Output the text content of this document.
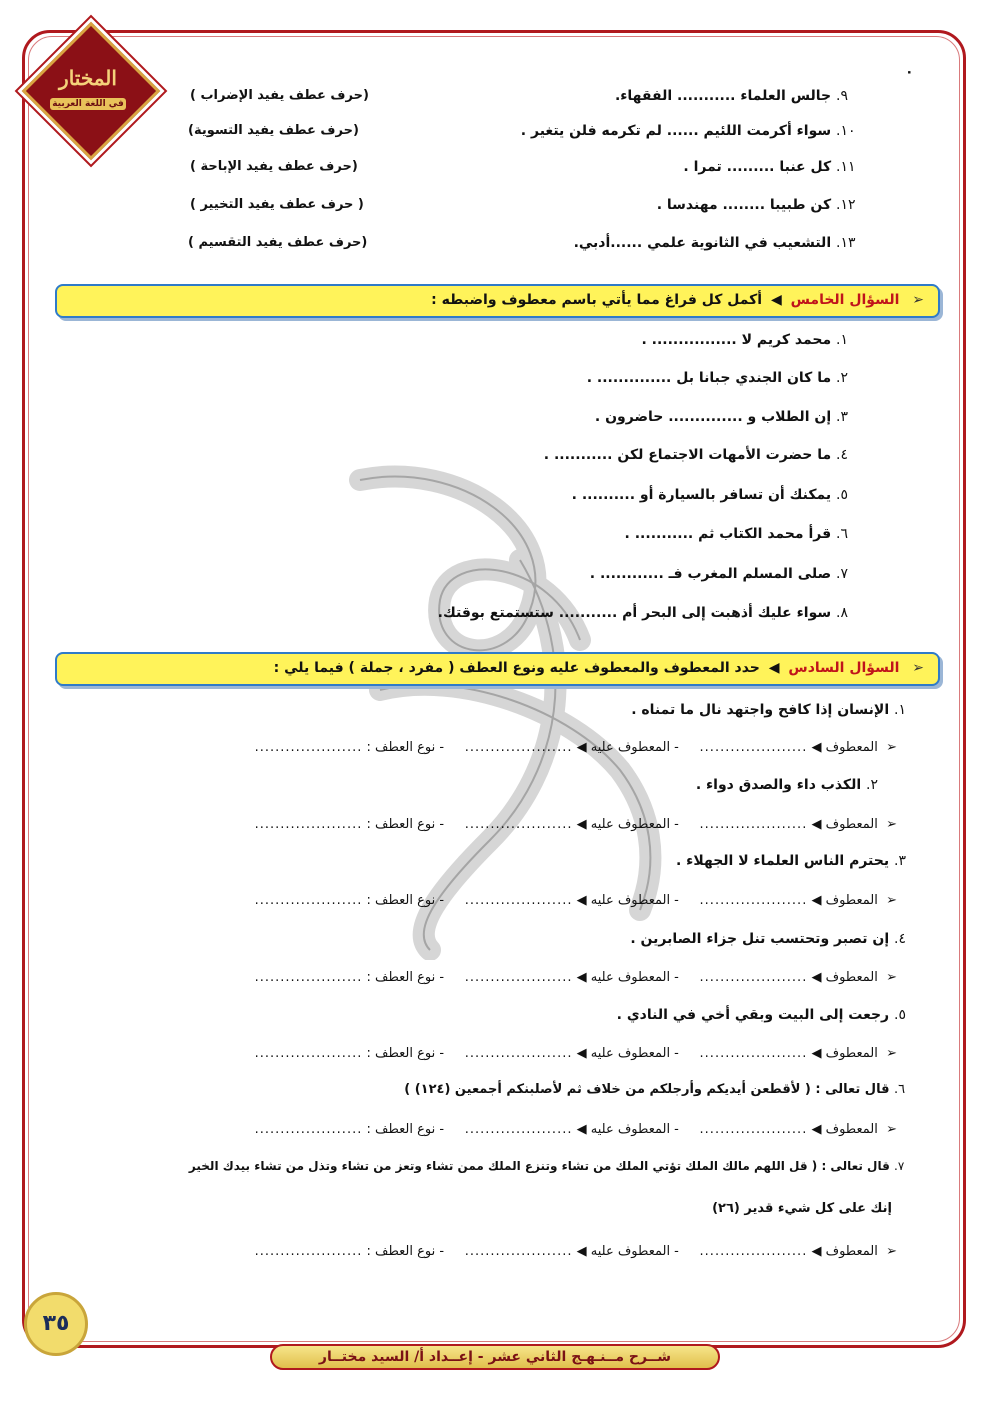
المختار
في اللغة العربية
٠
٩. جالس العلماء ........... الفقهاء.
(حرف عطف يفيد الإضراب )
١٠. سواء أكرمت اللئيم ...... لم تكرمه فلن يتغير .
(حرف عطف يفيد التسوية)
١١. كل عنبا ......... تمرا .
(حرف عطف يفيد الإباحة )
١٢. كن طبيبا ........ مهندسا .
( حرف عطف يفيد التخيير )
١٣. التشعيب في الثانوية علمي ......أدبي.
(حرف عطف يفيد التقسيم )
➢ السؤال الخامس ◀ أكمل كل فراغ مما يأتي باسم معطوف واضبطه :
١. محمد كريم لا ................ .
٢. ما كان الجندي جبانا بل .............. .
٣. إن الطلاب و .............. حاضرون .
٤. ما حضرت الأمهات الاجتماع لكن ........... .
٥. يمكنك أن تسافر بالسيارة أو .......... .
٦. قرأ محمد الكتاب ثم ........... .
٧. صلى المسلم المغرب فـ ............ .
٨. سواء عليك أذهبت إلى البحر أم ........... ستستمتع بوقتك.
➢ السؤال السادس ◀ حدد المعطوف والمعطوف عليه ونوع العطف ( مفرد ، جملة ) فيما يلي :
١. الإنسان إذا كافح واجتهد نال ما تمناه .
➢  المعطوف ◀ .....................     - المعطوف عليه ◀ .....................     - نوع العطف : .....................
٢. الكذب داء والصدق دواء .
➢  المعطوف ◀ .....................     - المعطوف عليه ◀ .....................     - نوع العطف : .....................
٣. يحترم الناس العلماء لا الجهلاء .
➢  المعطوف ◀ .....................     - المعطوف عليه ◀ .....................     - نوع العطف : .....................
٤. إن تصبر وتحتسب تنل جزاء الصابرين .
➢  المعطوف ◀ .....................     - المعطوف عليه ◀ .....................     - نوع العطف : .....................
٥. رجعت إلى البيت وبقي أخي في النادي .
➢  المعطوف ◀ .....................     - المعطوف عليه ◀ .....................     - نوع العطف : .....................
٦. قال تعالى : ( لأقطعن أيديكم وأرجلكم من خلاف ثم لأصلبنكم أجمعين (١٢٤) )
➢  المعطوف ◀ .....................     - المعطوف عليه ◀ .....................     - نوع العطف : .....................
٧. قال تعالى : ( قل اللهم مالك الملك تؤتي الملك من تشاء وتنزع الملك ممن تشاء وتعز من تشاء وتذل من تشاء بيدك الخير
إنك على كل شيء قدير (٢٦)
➢  المعطوف ◀ .....................     - المعطوف عليه ◀ .....................     - نوع العطف : .....................
٣٥
شــرح مــنـهـج الثاني عشر - إعــداد أ/ السيد مختــار
